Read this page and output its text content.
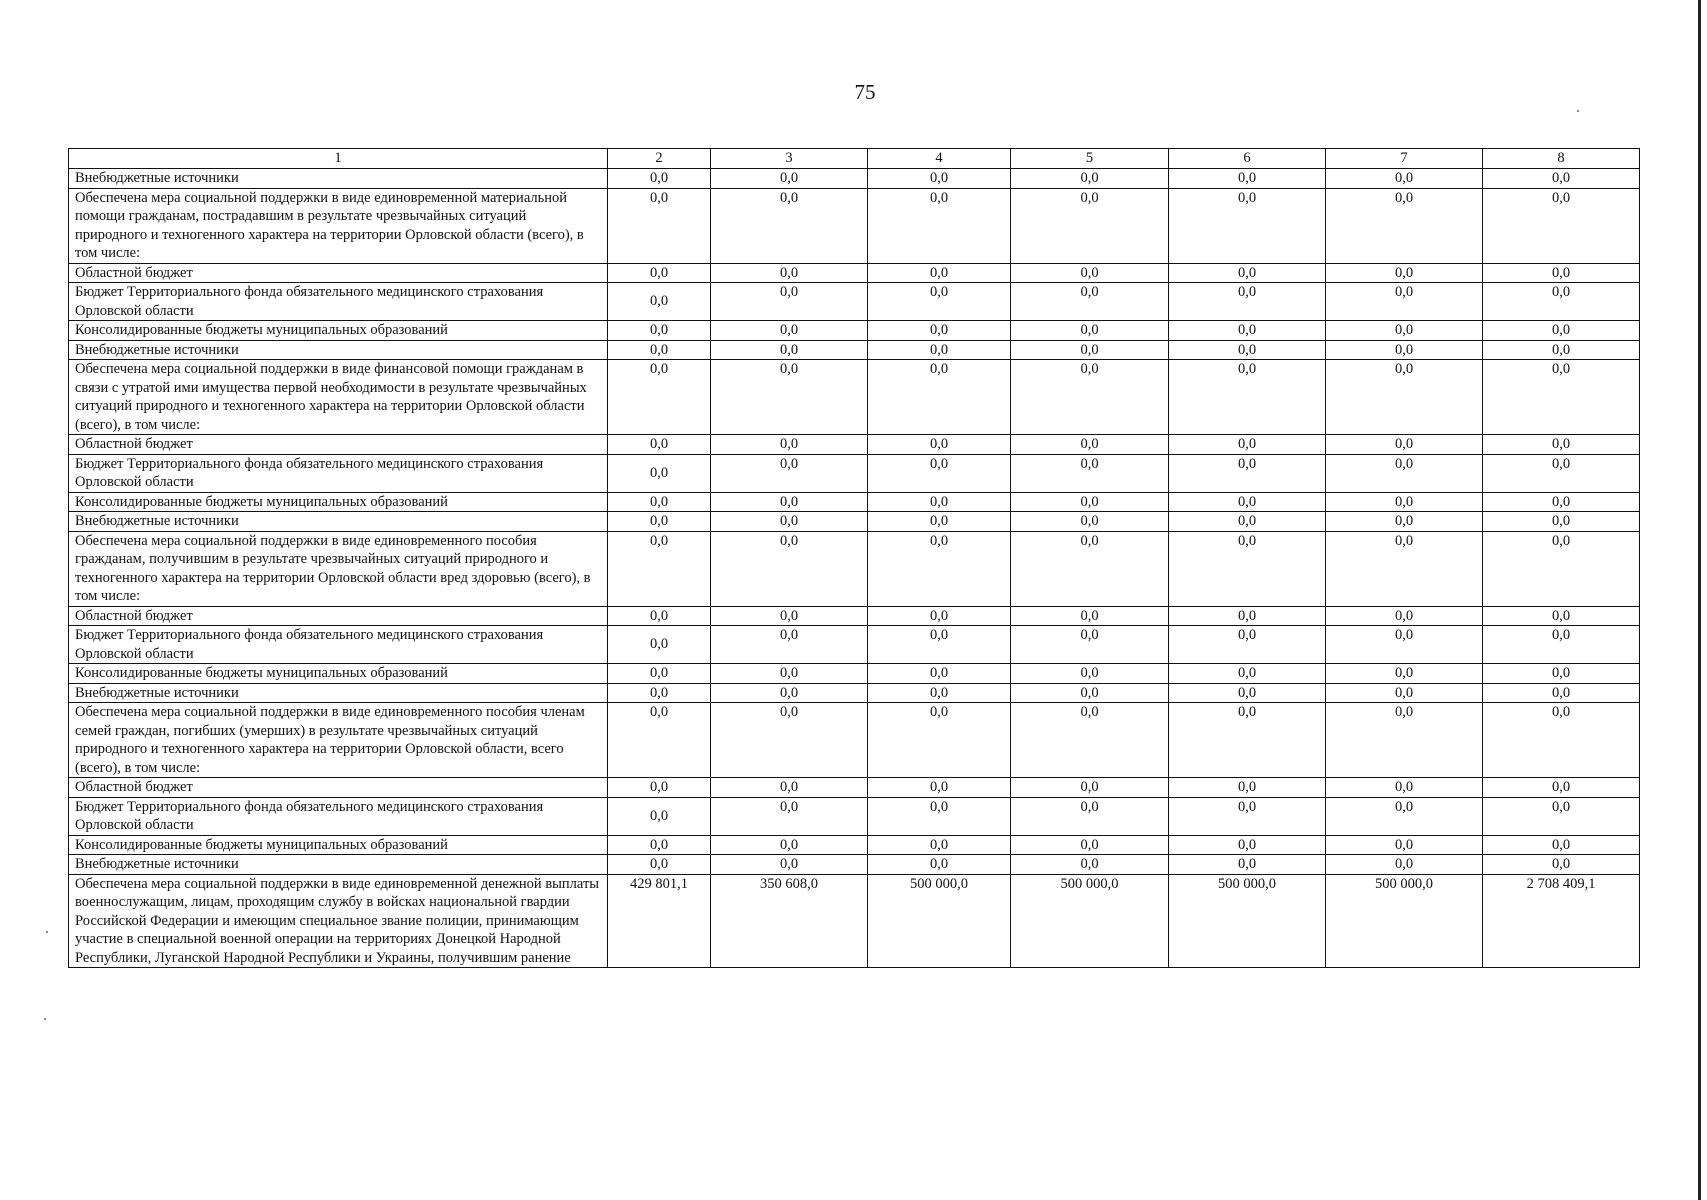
75
1	2	3	4	5	6	7	8
Внебюджетные источники	0,0	0,0	0,0	0,0	0,0	0,0	0,0
Обеспечена мера социальной поддержки в виде единовременной материальной помощи гражданам, пострадавшим в результате чрезвычайных ситуаций природного и техногенного характера на территории Орловской области (всего), в том числе:	0,0	0,0	0,0	0,0	0,0	0,0	0,0
Областной бюджет	0,0	0,0	0,0	0,0	0,0	0,0	0,0
Бюджет Территориального фонда обязательного медицинского страхования Орловской области	0,0	0,0	0,0	0,0	0,0	0,0	0,0
Консолидированные бюджеты муниципальных образований	0,0	0,0	0,0	0,0	0,0	0,0	0,0
Внебюджетные источники	0,0	0,0	0,0	0,0	0,0	0,0	0,0
Обеспечена мера социальной поддержки в виде финансовой помощи гражданам в связи с утратой ими имущества первой необходимости в результате чрезвычайных ситуаций природного и техногенного характера на территории Орловской области (всего), в том числе:	0,0	0,0	0,0	0,0	0,0	0,0	0,0
Областной бюджет	0,0	0,0	0,0	0,0	0,0	0,0	0,0
Бюджет Территориального фонда обязательного медицинского страхования Орловской области	0,0	0,0	0,0	0,0	0,0	0,0	0,0
Консолидированные бюджеты муниципальных образований	0,0	0,0	0,0	0,0	0,0	0,0	0,0
Внебюджетные источники	0,0	0,0	0,0	0,0	0,0	0,0	0,0
Обеспечена мера социальной поддержки в виде единовременного пособия гражданам, получившим в результате чрезвычайных ситуаций природного и техногенного характера на территории Орловской области вред здоровью (всего), в том числе:	0,0	0,0	0,0	0,0	0,0	0,0	0,0
Областной бюджет	0,0	0,0	0,0	0,0	0,0	0,0	0,0
Бюджет Территориального фонда обязательного медицинского страхования Орловской области	0,0	0,0	0,0	0,0	0,0	0,0	0,0
Консолидированные бюджеты муниципальных образований	0,0	0,0	0,0	0,0	0,0	0,0	0,0
Внебюджетные источники	0,0	0,0	0,0	0,0	0,0	0,0	0,0
Обеспечена мера социальной поддержки в виде единовременного пособия членам семей граждан, погибших (умерших) в результате чрезвычайных ситуаций природного и техногенного характера на территории Орловской области, всего (всего), в том числе:	0,0	0,0	0,0	0,0	0,0	0,0	0,0
Областной бюджет	0,0	0,0	0,0	0,0	0,0	0,0	0,0
Бюджет Территориального фонда обязательного медицинского страхования Орловской области	0,0	0,0	0,0	0,0	0,0	0,0	0,0
Консолидированные бюджеты муниципальных образований	0,0	0,0	0,0	0,0	0,0	0,0	0,0
Внебюджетные источники	0,0	0,0	0,0	0,0	0,0	0,0	0,0
Обеспечена мера социальной поддержки в виде единовременной денежной выплаты военнослужащим, лицам, проходящим службу в войсках национальной гвардии Российской Федерации и имеющим специальное звание полиции, принимающим участие в специальной военной операции на территориях Донецкой Народной Республики, Луганской Народной Республики и Украины, получившим ранение	429 801,1	350 608,0	500 000,0	500 000,0	500 000,0	500 000,0	2 708 409,1
